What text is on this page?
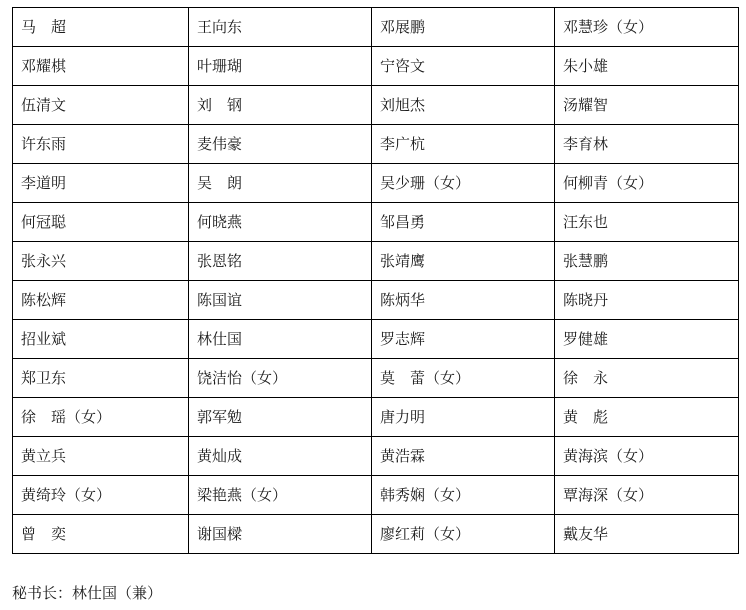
马　超	王向东	邓展鹏	邓慧珍（女）
邓耀棋	叶珊瑚	宁咨文	朱小雄
伍清文	刘　钢	刘旭杰	汤耀智
许东雨	麦伟豪	李广杭	李育林
李道明	吴　朗	吴少珊（女）	何柳青（女）
何冠聪	何晓燕	邹昌勇	汪东也
张永兴	张恩铭	张靖鹰	张慧鹏
陈松辉	陈国谊	陈炳华	陈晓丹
招业斌	林仕国	罗志辉	罗健雄
郑卫东	饶洁怡（女）	莫　蕾（女）	徐　永
徐　瑶（女）	郭军勉	唐力明	黄　彪
黄立兵	黄灿成	黄浩霖	黄海滨（女）
黄绮玲（女）	梁艳燕（女）	韩秀娴（女）	覃海深（女）
曾　奕	谢国樑	廖红莉（女）	戴友华
秘书长：林仕国（兼）
